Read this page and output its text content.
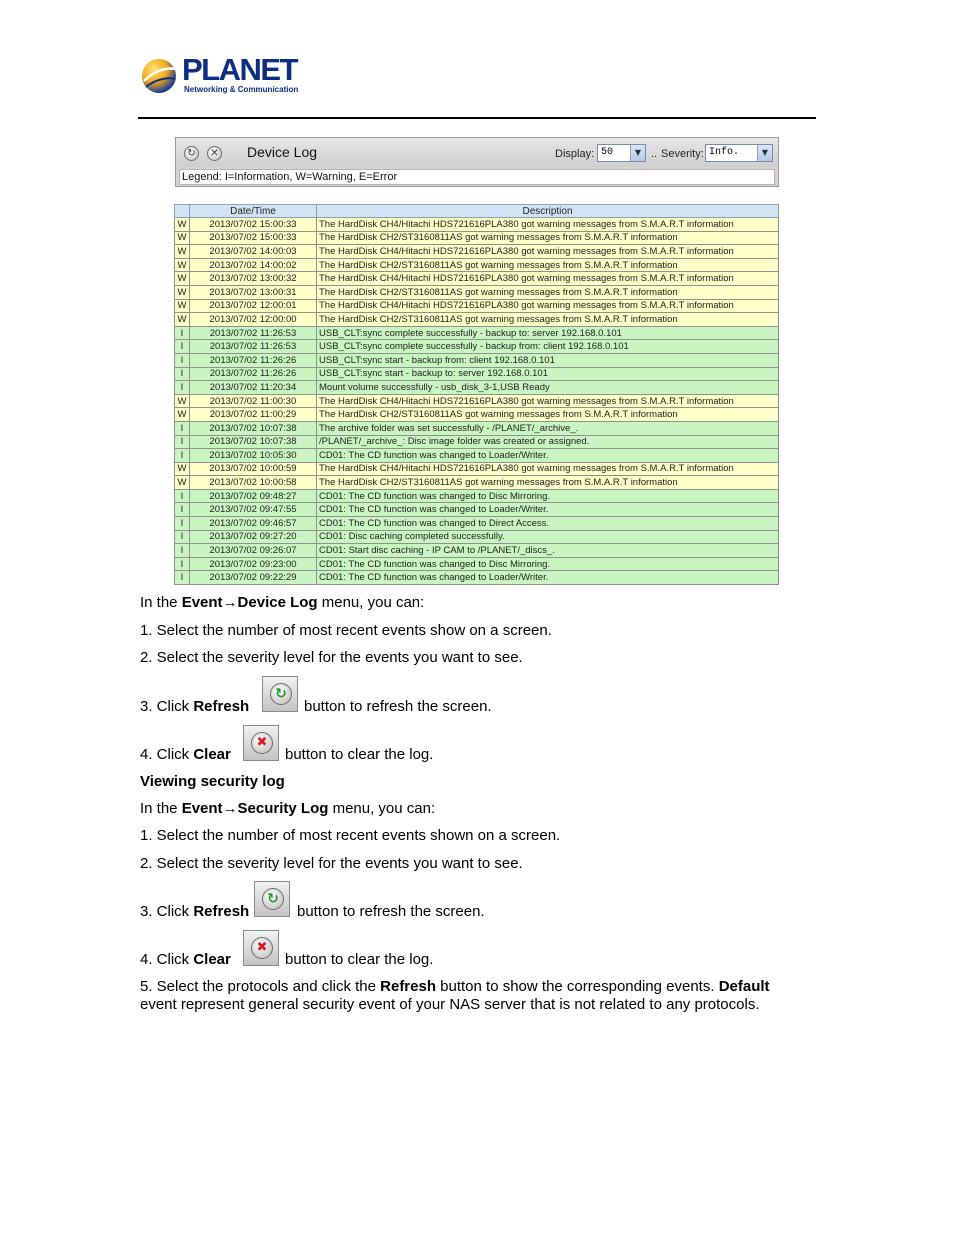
PLANET
Networking & Communication
↻	✕ Device Log	Display: 50	▼ .. Severity: Info.	▼
Legend: I=Information, W=Warning, E=Error
	Date/Time	Description
W	2013/07/02 15:00:33	The HardDisk CH4/Hitachi HDS721616PLA380 got warning messages from S.M.A.R.T information
W	2013/07/02 15:00:33	The HardDisk CH2/ST3160811AS got warning messages from S.M.A.R.T information
W	2013/07/02 14:00:03	The HardDisk CH4/Hitachi HDS721616PLA380 got warning messages from S.M.A.R.T information
W	2013/07/02 14:00:02	The HardDisk CH2/ST3160811AS got warning messages from S.M.A.R.T information
W	2013/07/02 13:00:32	The HardDisk CH4/Hitachi HDS721616PLA380 got warning messages from S.M.A.R.T information
W	2013/07/02 13:00:31	The HardDisk CH2/ST3160811AS got warning messages from S.M.A.R.T information
W	2013/07/02 12:00:01	The HardDisk CH4/Hitachi HDS721616PLA380 got warning messages from S.M.A.R.T information
W	2013/07/02 12:00:00	The HardDisk CH2/ST3160811AS got warning messages from S.M.A.R.T information
I	2013/07/02 11:26:53	USB_CLT:sync complete successfully - backup to: server 192.168.0.101
I	2013/07/02 11:26:53	USB_CLT:sync complete successfully - backup from: client 192.168.0.101
I	2013/07/02 11:26:26	USB_CLT:sync start - backup from: client 192.168.0.101
I	2013/07/02 11:26:26	USB_CLT:sync start - backup to: server 192.168.0.101
I	2013/07/02 11:20:34	Mount volume successfully - usb_disk_3-1,USB Ready
W	2013/07/02 11:00:30	The HardDisk CH4/Hitachi HDS721616PLA380 got warning messages from S.M.A.R.T information
W	2013/07/02 11:00:29	The HardDisk CH2/ST3160811AS got warning messages from S.M.A.R.T information
I	2013/07/02 10:07:38	The archive folder was set successfully - /PLANET/_archive_.
I	2013/07/02 10:07:38	/PLANET/_archive_: Disc image folder was created or assigned.
I	2013/07/02 10:05:30	CD01: The CD function was changed to Loader/Writer.
W	2013/07/02 10:00:59	The HardDisk CH4/Hitachi HDS721616PLA380 got warning messages from S.M.A.R.T information
W	2013/07/02 10:00:58	The HardDisk CH2/ST3160811AS got warning messages from S.M.A.R.T information
I	2013/07/02 09:48:27	CD01: The CD function was changed to Disc Mirroring.
I	2013/07/02 09:47:55	CD01: The CD function was changed to Loader/Writer.
I	2013/07/02 09:46:57	CD01: The CD function was changed to Direct Access.
I	2013/07/02 09:27:20	CD01: Disc caching completed successfully.
I	2013/07/02 09:26:07	CD01: Start disc caching - IP CAM to /PLANET/_discs_.
I	2013/07/02 09:23:00	CD01: The CD function was changed to Disc Mirroring.
I	2013/07/02 09:22:29	CD01: The CD function was changed to Loader/Writer.
In the Event→Device Log menu, you can:
1. Select the number of most recent events show on a screen.
2. Select the severity level for the events you want to see.
3. Click Refresh
↻
button to refresh the screen.
4. Click Clear
✖
button to clear the log.
Viewing security log
In the Event→Security Log menu, you can:
1. Select the number of most recent events shown on a screen.
2. Select the severity level for the events you want to see.
3. Click Refresh
↻
button to refresh the screen.
4. Click Clear
✖
button to clear the log.
5. Select the protocols and click the Refresh button to show the corresponding events. Default event represent general security event of your NAS server that is not related to any protocols.
